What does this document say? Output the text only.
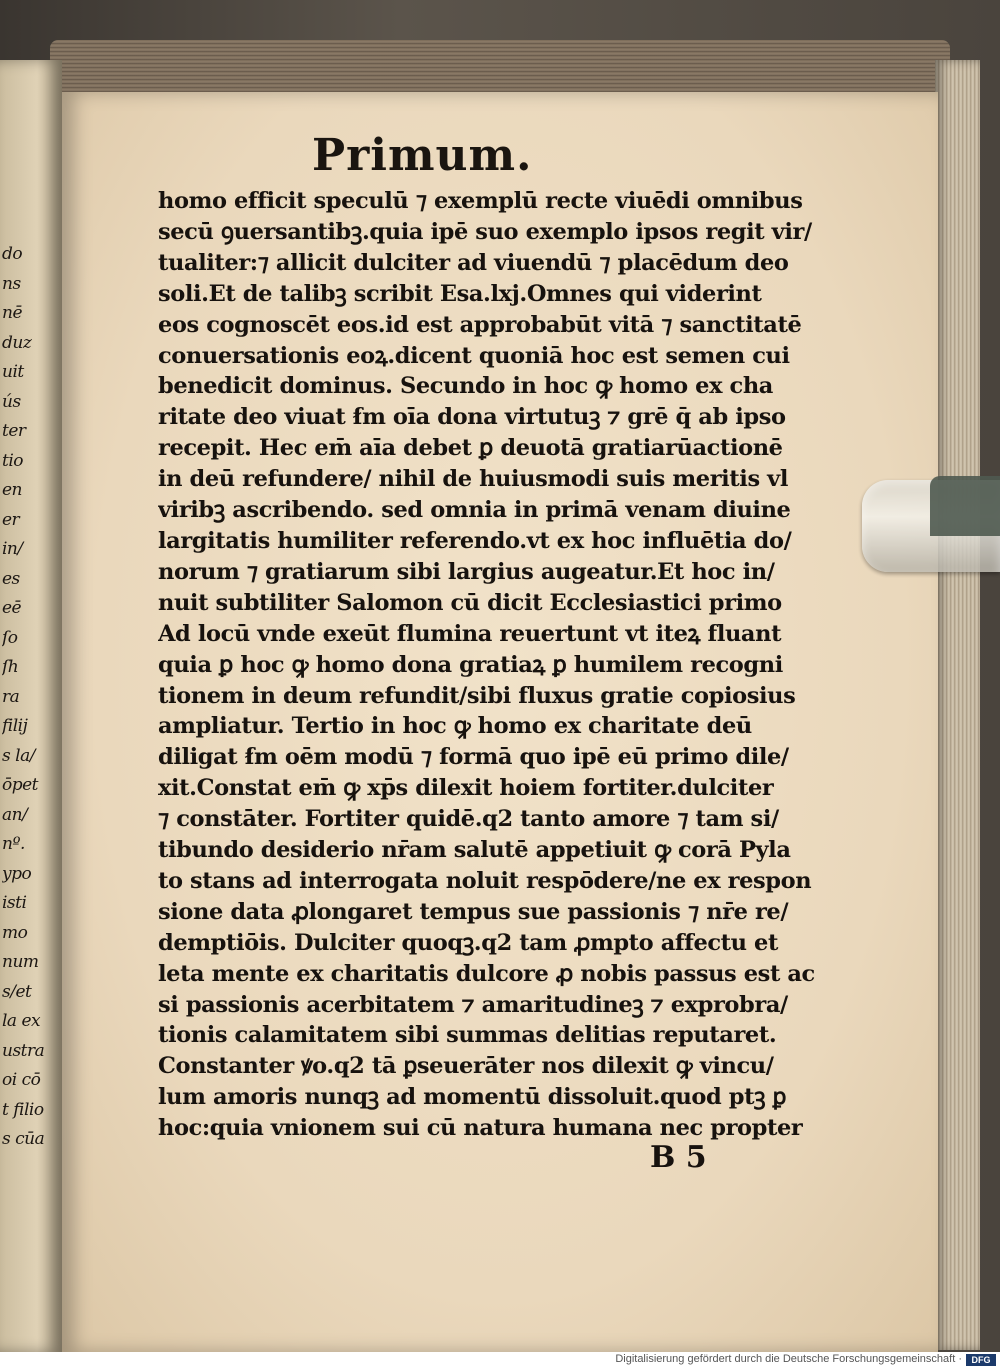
do
ns
nē
duz
uit
ús
ter
tio
en
er
in/
es
eē
ſo
ſh
ra
filij
s la/
ōpet
an/
nº.
ypo
isti
mo
num
s/et
la ex
ustra
oi cō
t filio
s cūa
Primum.
homo efficit speculū ⁊ exemplū recte viuēdi omnibus
secū ꝯuersantibꝫ.quia ipē suo exemplo ipsos regit vir/
tualiter:⁊ allicit dulciter ad viuendū ⁊ placēdum deo
soli.Et de talibꝫ scribit Esa.lxj.Omnes qui viderint
eos cognoscēt eos.id est approbabūt vitā ⁊ sanctitatē
conuersationis eoꝝ.dicent quoniā hoc est semen cui
benedicit dominus. Secundo in hoc ꝙ homo ex cha
ritate deo viuat ẜm oīa dona virtutuꝫ ⁊ grē q̄ ab ipso
recepit. Hec em̄ aīa debet ꝑ deuotā gratiarūactionē
in deū refundere/ nihil de huiusmodi suis meritis vl
viribꝫ ascribendo. sed omnia in primā venam diuine
largitatis humiliter referendo.vt ex hoc influētia do/
norum ⁊ gratiarum sibi largius augeatur.Et hoc in/
nuit subtiliter Salomon cū dicit Ecclesiastici primo
Ad locū vnde exeūt flumina reuertunt vt iteꝝ fluant
quia ꝑ hoc ꝙ homo dona gratiaꝝ ꝑ humilem recogni
tionem in deum refundit/sibi fluxus gratie copiosius
ampliatur. Tertio in hoc ꝙ homo ex charitate deū
diligat ẜm oēm modū ⁊ formā quo ipē eū primo dile/
xit.Constat em̄ ꝙ xp̄s dilexit hoiem fortiter.dulciter
⁊ constāter. Fortiter quidē.q2 tanto amore ⁊ tam si/
tibundo desiderio nr̄am salutē appetiuit ꝙ corā Pyla
to stans ad interrogata noluit respōdere/ne ex respon
sione data ꝓlongaret tempus sue passionis ⁊ nr̄e re/
demptiōis. Dulciter quoqꝫ.q2 tam ꝓmpto affectu et
leta mente ex charitatis dulcore ꝓ nobis passus est ac
si passionis acerbitatem ⁊ amaritudineꝫ ⁊ exprobra/
tionis calamitatem sibi summas delitias reputaret.
Constanter ꝟo.q2 tā ꝑseuerāter nos dilexit ꝙ vincu/
lum amoris nunqꝫ ad momentū dissoluit.quod ptꝫ ꝑ
hoc:quia vnionem sui cū natura humana nec propter
B 5
Digitalisierung gefördert durch die Deutsche Forschungsgemeinschaft ·	DFG
